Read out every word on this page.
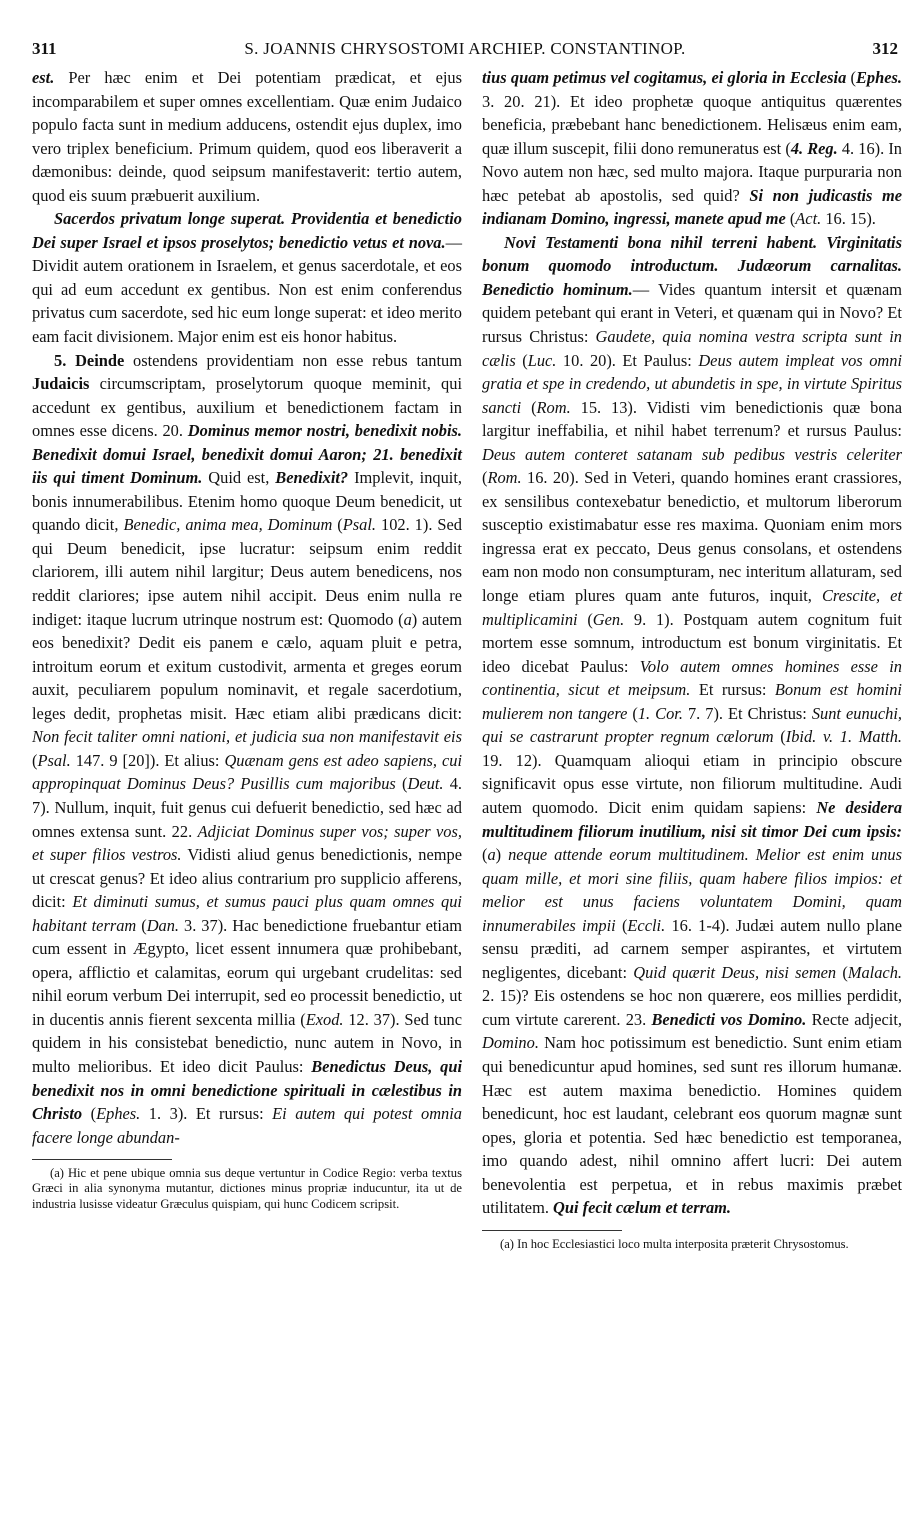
311	S. JOANNIS CHRYSOSTOMI ARCHIEP. CONSTANTINOP.	312

est. Per hæc enim et Dei potentiam prædicat, et ejus incomparabilem et super omnes excellentiam. Quæ enim Judaico populo facta sunt in medium adducens, ostendit ejus duplex, imo vero triplex beneficium. Primum quidem, quod eos liberaverit a dæmonibus: deinde, quod seipsum manifestaverit: tertio autem, quod eis suum præbuerit auxilium.

Sacerdos privatum longe superat. Providentia et benedictio Dei super Israel et ipsos proselytos; benedictio vetus et nova.— Dividit autem orationem in Israelem, et genus sacerdotale, et eos qui ad eum accedunt ex gentibus. Non est enim conferendus privatus cum sacerdote, sed hic eum longe superat: et ideo merito eam facit divisionem. Major enim est eis honor habitus.

5. Deinde ostendens providentiam non esse rebus tantum Judaicis circumscriptam, proselytorum quoque meminit, qui accedunt ex gentibus, auxilium et benedictionem factam in omnes esse dicens. 20. Dominus memor nostri, benedixit nobis. Benedixit domui Israel, benedixit domui Aaron; 21. benedixit iis qui timent Dominum. Quid est, Benedixit? Implevit, inquit, bonis innumerabilibus. Etenim homo quoque Deum benedicit, ut quando dicit, Benedic, anima mea, Dominum (Psal. 102. 1). Sed qui Deum benedicit, ipse lucratur: seipsum enim reddit clariorem, illi autem nihil largitur; Deus autem benedicens, nos reddit clariores; ipse autem nihil accipit. Deus enim nulla re indiget: itaque lucrum utrinque nostrum est: Quomodo (a) autem eos benedixit? Dedit eis panem e cælo, aquam pluit e petra, introitum eorum et exitum custodivit, armenta et greges eorum auxit, peculiarem populum nominavit, et regale sacerdotium, leges dedit, prophetas misit. Hæc etiam alibi prædicans dicit: Non fecit taliter omni nationi, et judicia sua non manifestavit eis (Psal. 147. 9 [20]). Et alius: Quænam gens est adeo sapiens, cui appropinquat Dominus Deus? Pusillis cum majoribus (Deut. 4. 7). Nullum, inquit, fuit genus cui defuerit benedictio, sed hæc ad omnes extensa sunt. 22. Adjiciat Dominus super vos; super vos, et super filios vestros. Vidisti aliud genus benedictionis, nempe ut crescat genus? Et ideo alius contrarium pro supplicio afferens, dicit: Et diminuti sumus, et sumus pauci plus quam omnes qui habitant terram (Dan. 3. 37). Hac benedictione fruebantur etiam cum essent in Ægypto, licet essent innumera quæ prohibebant, opera, afflictio et calamitas, eorum qui urgebant crudelitas: sed nihil eorum verbum Dei interrupit, sed eo processit benedictio, ut in ducentis annis fierent sexcenta millia (Exod. 12. 37). Sed tunc quidem in his consistebat benedictio, nunc autem in Novo, in multo melioribus. Et ideo dicit Paulus: Benedictus Deus, qui benedixit nos in omni benedictione spirituali in cælestibus in Christo (Ephes. 1. 3). Et rursus: Ei autem qui potest omnia facere longe abundan-

(a) Hic et pene ubique omnia sus deque vertuntur in Codice Regio: verba textus Græci in alia synonyma mutantur, dictiones minus propriæ inducuntur, ita ut de industria lusisse videatur Græculus quispiam, qui hunc Codicem scripsit.

tius quam petimus vel cogitamus, ei gloria in Ecclesia (Ephes. 3. 20. 21). Et ideo prophetæ quoque antiquitus quærentes beneficia, præbebant hanc benedictionem. Helisæus enim eam, quæ illum suscepit, filii dono remuneratus est (4. Reg. 4. 16). In Novo autem non hæc, sed multo majora. Itaque purpuraria non hæc petebat ab apostolis, sed quid? Si non judicastis me indianam Domino, ingressi, manete apud me (Act. 16. 15).

Novi Testamenti bona nihil terreni habent. Virginitatis bonum quomodo introductum. Judæorum carnalitas. Benedictio hominum.— Vides quantum intersit et quænam quidem petebant qui erant in Veteri, et quænam qui in Novo? Et rursus Christus: Gaudete, quia nomina vestra scripta sunt in cælis (Luc. 10. 20). Et Paulus: Deus autem impleat vos omni gratia et spe in credendo, ut abundetis in spe, in virtute Spiritus sancti (Rom. 15. 13). Vidisti vim benedictionis quæ bona largitur ineffabilia, et nihil habet terrenum? et rursus Paulus: Deus autem conteret satanam sub pedibus vestris celeriter (Rom. 16. 20). Sed in Veteri, quando homines erant crassiores, ex sensilibus contexebatur benedictio, et multorum liberorum susceptio existimabatur esse res maxima. Quoniam enim mors ingressa erat ex peccato, Deus genus consolans, et ostendens eam non modo non consumpturam, nec interitum allaturam, sed longe etiam plures quam ante futuros, inquit, Crescite, et multiplicamini (Gen. 9. 1). Postquam autem cognitum fuit mortem esse somnum, introductum est bonum virginitatis. Et ideo dicebat Paulus: Volo autem omnes homines esse in continentia, sicut et meipsum. Et rursus: Bonum est homini mulierem non tangere (1. Cor. 7. 7). Et Christus: Sunt eunuchi, qui se castrarunt propter regnum cælorum (Ibid. v. 1. Matth. 19. 12). Quamquam alioqui etiam in principio obscure significavit opus esse virtute, non filiorum multitudine. Audi autem quomodo. Dicit enim quidam sapiens: Ne desidera multitudinem filiorum inutilium, nisi sit timor Dei cum ipsis: (a) neque attende eorum multitudinem. Melior est enim unus quam mille, et mori sine filiis, quam habere filios impios: et melior est unus faciens voluntatem Domini, quam innumerabiles impii (Eccli. 16. 1-4). Judæi autem nullo plane sensu præditi, ad carnem semper aspirantes, et virtutem negligentes, dicebant: Quid quærit Deus, nisi semen (Malach. 2. 15)? Eis ostendens se hoc non quærere, eos millies perdidit, cum virtute carerent. 23. Benedicti vos Domino. Recte adjecit, Domino. Nam hoc potissimum est benedictio. Sunt enim etiam qui benedicuntur apud homines, sed sunt res illorum humanæ. Hæc est autem maxima benedictio. Homines quidem benedicunt, hoc est laudant, celebrant eos quorum magnæ sunt opes, gloria et potentia. Sed hæc benedictio est temporanea, imo quando adest, nihil omnino affert lucri: Dei autem benevolentia est perpetua, et in rebus maximis præbet utilitatem. Qui fecit cælum et terram.

(a) In hoc Ecclesiastici loco multa interposita præterit Chrysostomus.
